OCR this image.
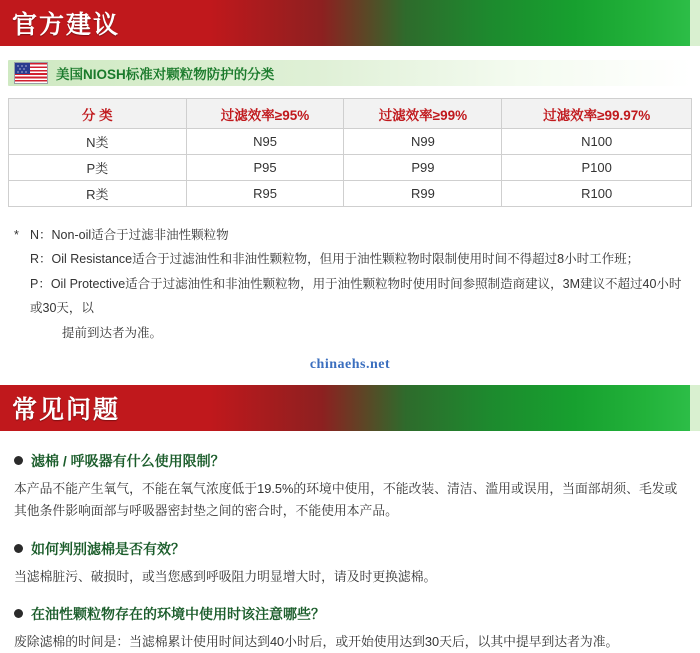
官方建议
美国NIOSH标准对颗粒物防护的分类
分 类	过滤效率≥95%	过滤效率≥99%	过滤效率≥99.97%
N类	N95	N99	N100
P类	P95	P99	P100
R类	R95	R99	R100
* N：Non-oil适合于过滤非油性颗粒物
R：Oil Resistance适合于过滤油性和非油性颗粒物，但用于油性颗粒物时限制使用时间不得超过8小时工作班；
P：Oil Protective适合于过滤油性和非油性颗粒物，用于油性颗粒物时使用时间参照制造商建议，3M建议不超过40小时或30天，以
提前到达者为准。
chinaehs.net
常见问题
滤棉 / 呼吸器有什么使用限制？
本产品不能产生氧气，不能在氧气浓度低于19.5%的环境中使用，不能改装、清洁、滥用或误用，当面部胡须、毛发或其他条件影响面部与呼吸器密封垫之间的密合时，不能使用本产品。
如何判别滤棉是否有效？
当滤棉脏污、破损时，或当您感到呼吸阻力明显增大时，请及时更换滤棉。
在油性颗粒物存在的环境中使用时该注意哪些？
废除滤棉的时间是： 当滤棉累计使用时间达到40小时后，或开始使用达到30天后，以其中提早到达者为准。
